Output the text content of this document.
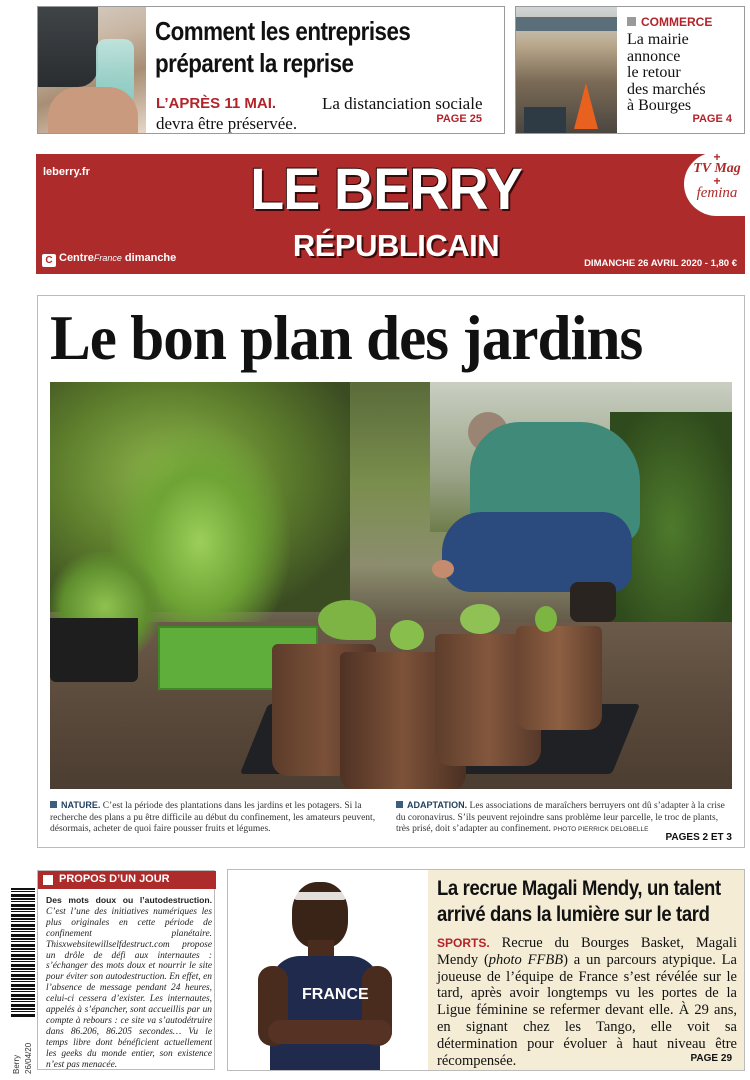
Comment les entreprises
préparent la reprise
L’APRÈS 11 MAI.	La distanciation sociale
devra être préservée.	PAGE 25
COMMERCE
La mairie
annonce
le retour
des marchés
à Bourges
PAGE 4
leberry.fr	LE BERRY
RÉPUBLICAIN
C CentreFrance dimanche	DIMANCHE 26 AVRIL 2020 - 1,80 €
+
TV Mag
+
femina
Le bon plan des jardins
NATURE. C’est la période des plantations dans les jardins et les potagers. Si la recherche des plans a pu être difficile au début du confinement, les amateurs peuvent, désormais, acheter de quoi faire pousser fruits et légumes.
ADAPTATION. Les associations de maraîchers berruyers ont dû s’adapter à la crise du coronavirus. S’ils peuvent rejoindre sans problème leur parcelle, le troc de plants, très prisé, doit s’adapter au confinement. PHOTO PIERRICK DELOBELLE
PAGES 2 ET 3
Berry 26/04/20
PROPOS D’UN JOUR
Des mots doux ou l’autodestruction. C’est l’une des initiatives numériques les plus originales en cette période de confinement planétaire. Thisxwebsitewillselfdestruct.com propose un drôle de défi aux internautes : s’échanger des mots doux et nourrir le site pour éviter son autodestruction. En effet, en l’absence de message pendant 24 heures, celui-ci cessera d’exister. Les internautes, appelés à s’épancher, sont accueillis par un compte à rebours : ce site va s’autodétruire dans 86.206, 86.205 secondes… Vu le temps libre dont bénéficient actuellement les geeks du monde entier, son existence n’est pas menacée.
FRANCE
La recrue Magali Mendy, un talent
arrivé dans la lumière sur le tard
SPORTS. Recrue du Bourges Basket, Magali Mendy (photo FFBB) a un parcours atypique. La joueuse de l’équipe de France s’est révélée sur le tard, après avoir longtemps vu les portes de la Ligue féminine se refermer devant elle. À 29 ans, en signant chez les Tango, elle voit sa détermination pour évoluer à haut niveau être récompensée.	PAGE 29
